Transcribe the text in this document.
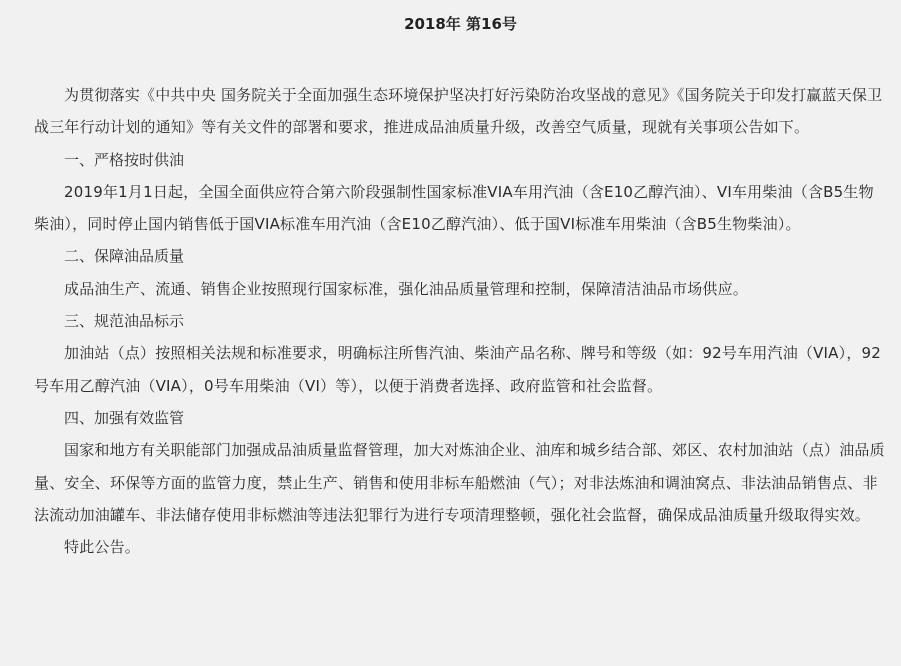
2018年 第16号

为贯彻落实《中共中央 国务院关于全面加强生态环境保护坚决打好污染防治攻坚战的意见》《国务院关于印发打赢蓝天保卫战三年行动计划的通知》等有关文件的部署和要求，推进成品油质量升级，改善空气质量，现就有关事项公告如下。

一、严格按时供油

2019年1月1日起，全国全面供应符合第六阶段强制性国家标准VIA车用汽油（含E10乙醇汽油）、VI车用柴油（含B5生物柴油），同时停止国内销售低于国VIA标准车用汽油（含E10乙醇汽油）、低于国VI标准车用柴油（含B5生物柴油）。

二、保障油品质量

成品油生产、流通、销售企业按照现行国家标准，强化油品质量管理和控制，保障清洁油品市场供应。

三、规范油品标示

加油站（点）按照相关法规和标准要求，明确标注所售汽油、柴油产品名称、牌号和等级（如：92号车用汽油（VIA），92号车用乙醇汽油（VIA），0号车用柴油（VI）等），以便于消费者选择、政府监管和社会监督。

四、加强有效监管

国家和地方有关职能部门加强成品油质量监督管理，加大对炼油企业、油库和城乡结合部、郊区、农村加油站（点）油品质量、安全、环保等方面的监管力度，禁止生产、销售和使用非标车船燃油（气）；对非法炼油和调油窝点、非法油品销售点、非法流动加油罐车、非法储存使用非标燃油等违法犯罪行为进行专项清理整顿，强化社会监督，确保成品油质量升级取得实效。

特此公告。
